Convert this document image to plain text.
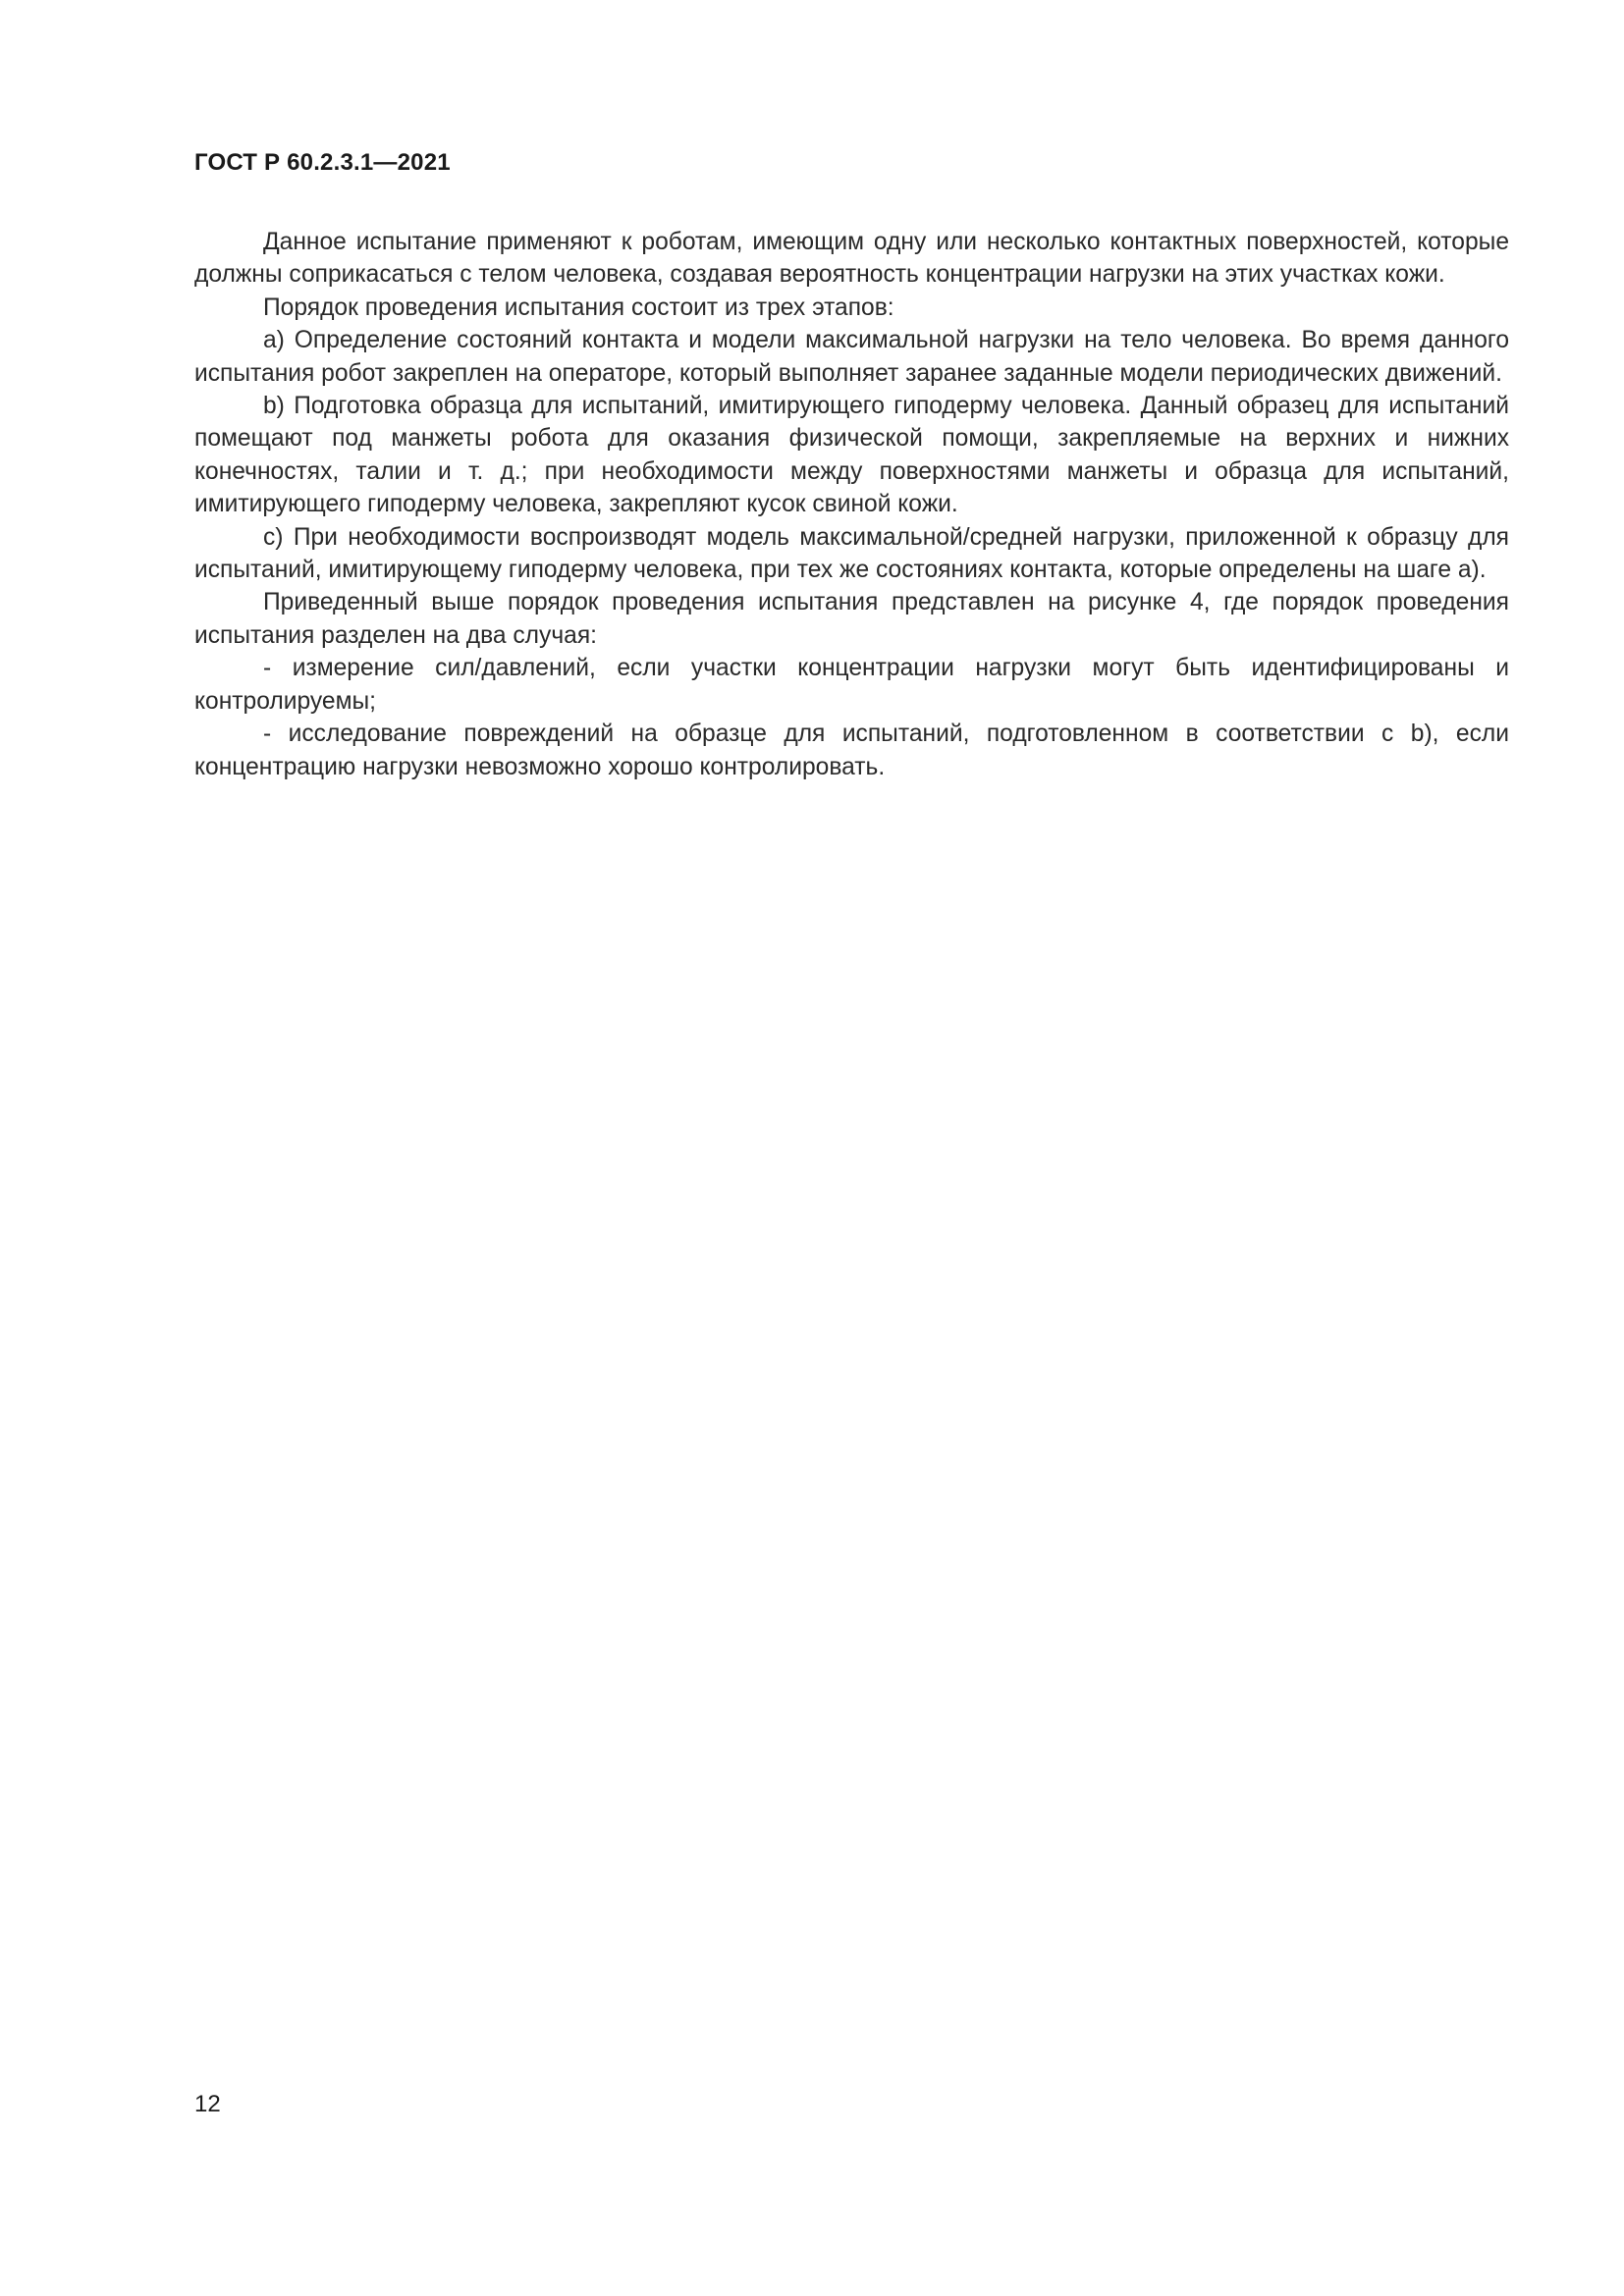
ГОСТ Р 60.2.3.1—2021

Данное испытание применяют к роботам, имеющим одну или несколько контактных поверхностей, которые должны соприкасаться с телом человека, создавая вероятность концентрации нагрузки на этих участках кожи.

Порядок проведения испытания состоит из трех этапов:

а) Определение состояний контакта и модели максимальной нагрузки на тело человека. Во время данного испытания робот закреплен на операторе, который выполняет заранее заданные модели периодических движений.

b) Подготовка образца для испытаний, имитирующего гиподерму человека. Данный образец для испытаний помещают под манжеты робота для оказания физической помощи, закрепляемые на верхних и нижних конечностях, талии и т. д.; при необходимости между поверхностями манжеты и образца для испытаний, имитирующего гиподерму человека, закрепляют кусок свиной кожи.

с) При необходимости воспроизводят модель максимальной/средней нагрузки, приложенной к образцу для испытаний, имитирующему гиподерму человека, при тех же состояниях контакта, которые определены на шаге а).

Приведенный выше порядок проведения испытания представлен на рисунке 4, где порядок проведения испытания разделен на два случая:

- измерение сил/давлений, если участки концентрации нагрузки могут быть идентифицированы и контролируемы;

- исследование повреждений на образце для испытаний, подготовленном в соответствии с b), если концентрацию нагрузки невозможно хорошо контролировать.

12
